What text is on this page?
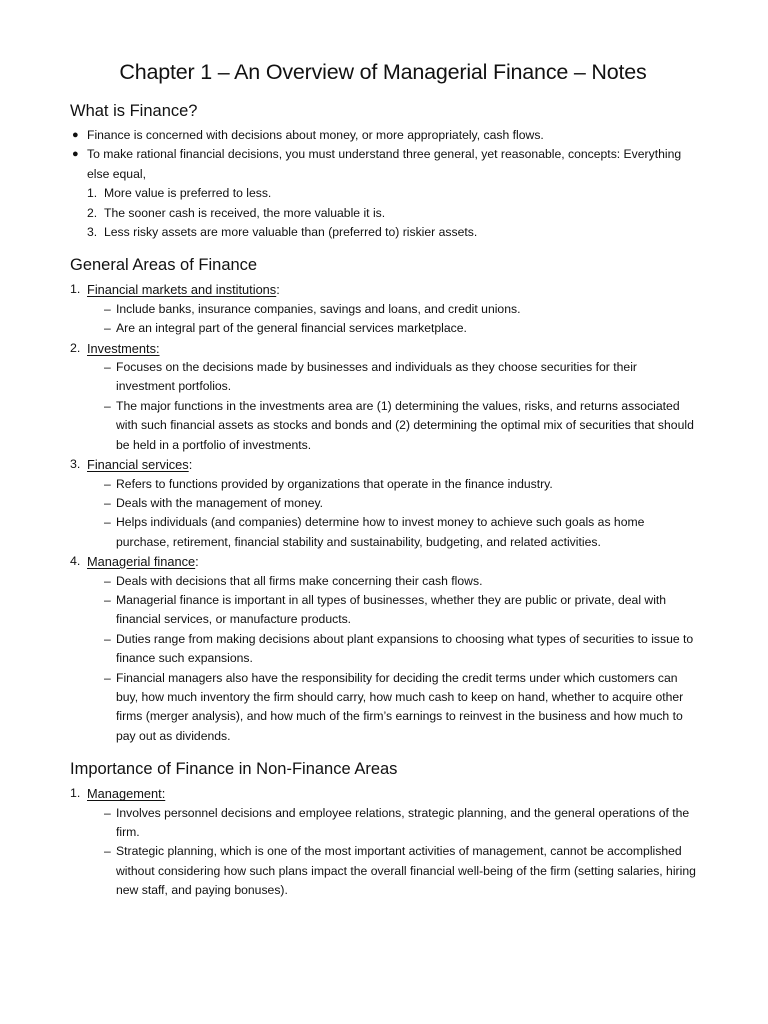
Chapter 1 – An Overview of Managerial Finance – Notes
What is Finance?
● Finance is concerned with decisions about money, or more appropriately, cash flows.
● To make rational financial decisions, you must understand three general, yet reasonable, concepts: Everything else equal,
1. More value is preferred to less.
2. The sooner cash is received, the more valuable it is.
3. Less risky assets are more valuable than (preferred to) riskier assets.
General Areas of Finance
1. Financial markets and institutions:
– Include banks, insurance companies, savings and loans, and credit unions.
– Are an integral part of the general financial services marketplace.
2. Investments:
– Focuses on the decisions made by businesses and individuals as they choose securities for their investment portfolios.
– The major functions in the investments area are (1) determining the values, risks, and returns associated with such financial assets as stocks and bonds and (2) determining the optimal mix of securities that should be held in a portfolio of investments.
3. Financial services:
– Refers to functions provided by organizations that operate in the finance industry.
– Deals with the management of money.
– Helps individuals (and companies) determine how to invest money to achieve such goals as home purchase, retirement, financial stability and sustainability, budgeting, and related activities.
4. Managerial finance:
– Deals with decisions that all firms make concerning their cash flows.
– Managerial finance is important in all types of businesses, whether they are public or private, deal with financial services, or manufacture products.
– Duties range from making decisions about plant expansions to choosing what types of securities to issue to finance such expansions.
– Financial managers also have the responsibility for deciding the credit terms under which customers can buy, how much inventory the firm should carry, how much cash to keep on hand, whether to acquire other firms (merger analysis), and how much of the firm’s earnings to reinvest in the business and how much to pay out as dividends.
Importance of Finance in Non-Finance Areas
1. Management:
– Involves personnel decisions and employee relations, strategic planning, and the general operations of the firm.
– Strategic planning, which is one of the most important activities of management, cannot be accomplished without considering how such plans impact the overall financial well-being of the firm (setting salaries, hiring new staff, and paying bonuses).
